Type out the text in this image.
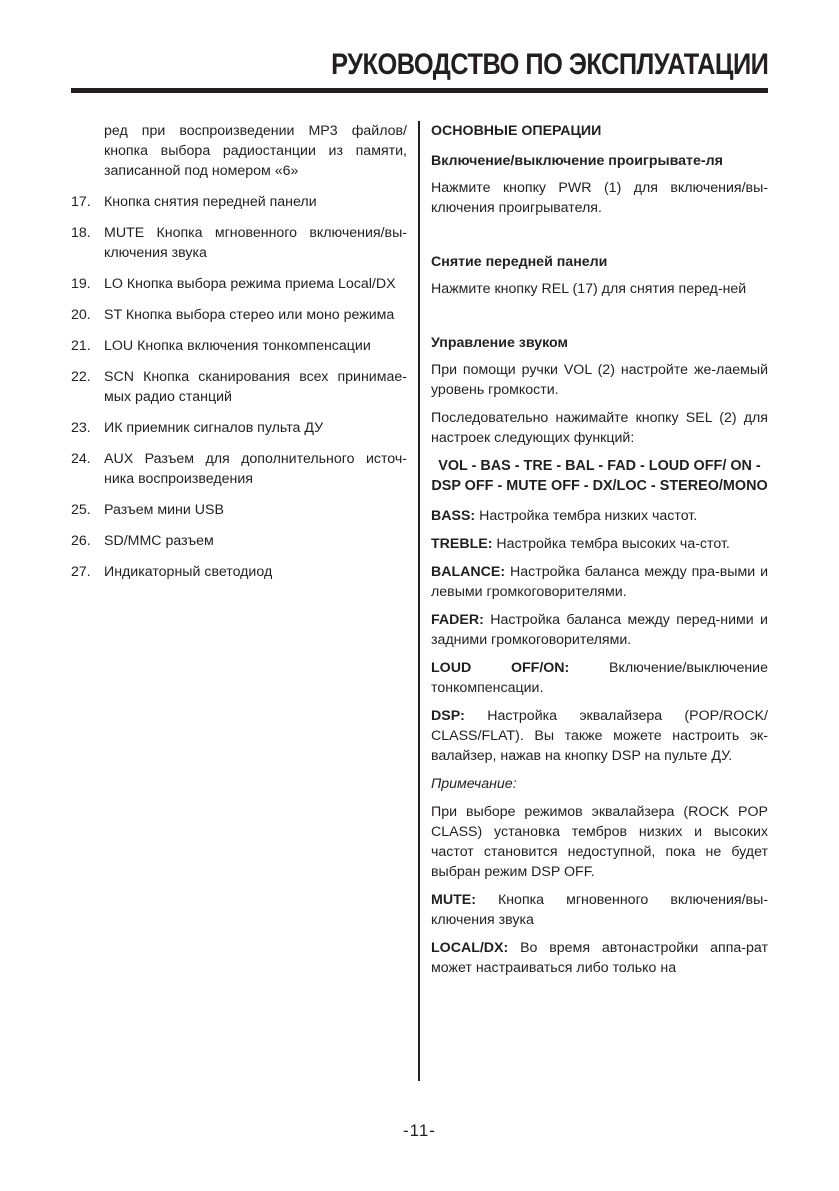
РУКОВОДСТВО ПО ЭКСПЛУАТАЦИИ

ред при воспроизведении MP3 файлов/ кнопка выбора радиостанции из памяти, записанной под номером «6»

17. Кнопка снятия передней панели
18. MUTE Кнопка мгновенного включения/вы-ключения звука
19. LO Кнопка выбора режима приема Local/DX
20. ST Кнопка выбора стерео или моно режима
21. LOU Кнопка включения тонкомпенсации
22. SCN Кнопка сканирования всех принимае-мых радио станций
23. ИК приемник сигналов пульта ДУ
24. AUX Разъем для дополнительного источ-ника воспроизведения
25. Разъем мини USB
26. SD/MMC разъем
27. Индикаторный светодиод
ОСНОВНЫЕ ОПЕРАЦИИ
Включение/выключение проигрывате-ля

Нажмите кнопку PWR (1) для включения/вы-ключения проигрывателя.

Снятие передней панели

Нажмите кнопку REL (17) для снятия перед-ней

Управление звуком

При помощи ручки VOL (2) настройте же-лаемый уровень громкости.

Последовательно нажимайте кнопку SEL (2) для настроек следующих функций:

VOL - BAS - TRE - BAL - FAD - LOUD OFF/ ON - DSP OFF - MUTE OFF - DX/LOC - STEREO/MONO

BASS: Настройка тембра низких частот.

TREBLE: Настройка тембра высоких ча-стот.

BALANCE: Настройка баланса между пра-выми и левыми громкоговорителями.

FADER: Настройка баланса между перед-ними и задними громкоговорителями.

LOUD OFF/ON: Включение/выключение тонкомпенсации.

DSP: Настройка эквалайзера (POP/ROCK/ CLASS/FLAT). Вы также можете настроить эк-валайзер, нажав на кнопку DSP на пульте ДУ.

Примечание:

При выборе режимов эквалайзера (ROCK POP CLASS) установка тембров низких и высоких частот становится недоступной, пока не будет выбран режим DSP OFF.

MUTE: Кнопка мгновенного включения/вы-ключения звука

LOCAL/DX: Во время автонастройки аппа-рат может настраиваться либо только на

-11-
